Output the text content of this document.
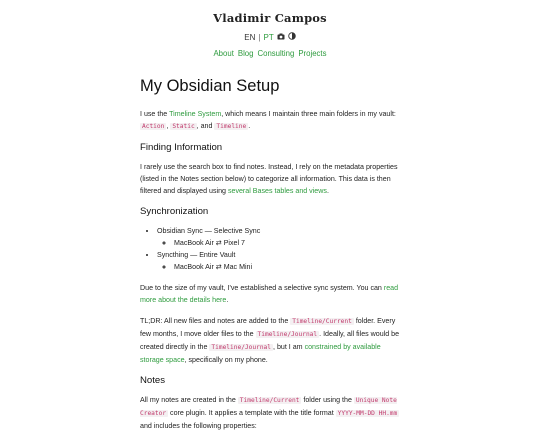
Vladimir Campos
EN | PT
About Blog Consulting Projects
My Obsidian Setup

I use the Timeline System, which means I maintain three main folders in my vault: Action , Static , and Timeline .

Finding Information

I rarely use the search box to find notes. Instead, I rely on the metadata properties (listed in the Notes section below) to categorize all information. This data is then filtered and displayed using several Bases tables and views.

Synchronization
• Obsidian Sync — Selective Sync
◦ MacBook Air ⇄ Pixel 7
• Syncthing — Entire Vault
◦ MacBook Air ⇄ Mac Mini

Due to the size of my vault, I've established a selective sync system. You can read more about the details here.

TL;DR: All new files and notes are added to the Timeline/Current folder. Every few months, I move older files to the Timeline/Journal . Ideally, all files would be created directly in the Timeline/Journal , but I am constrained by available storage space, specifically on my phone.

Notes

All my notes are created in the Timeline/Current folder using the Unique Note Creator core plugin. It applies a template with the title format YYYY-MM-DD HH.mm and includes the following properties:
